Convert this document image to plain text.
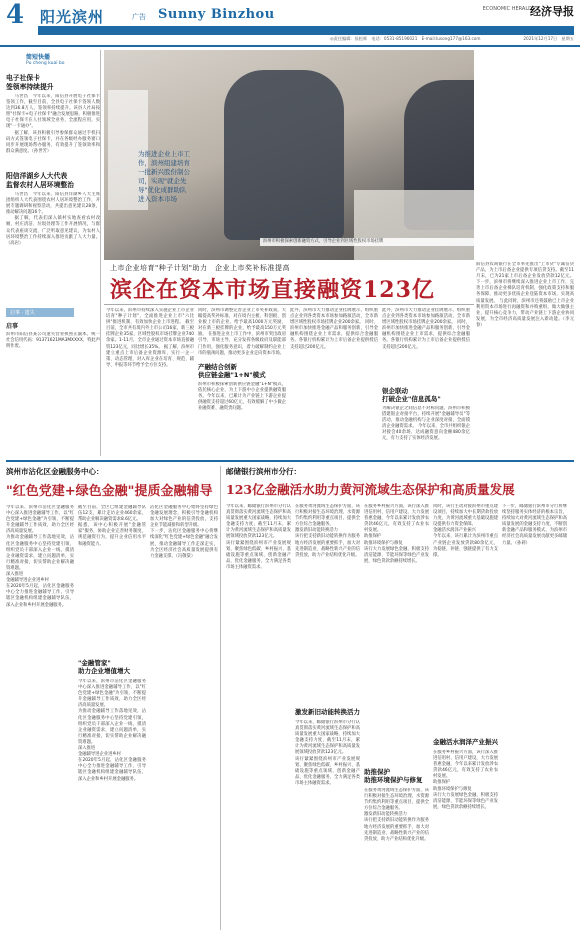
4 阳光滨州	广告 Sunny Binzhou	ECONOMIC HERALD
经济导报
(总)主编辑：孔凡 邮编：256600 电话：0543-3132277 13305438481 E-mail：jjdbbz@163.com	◎责任编辑：侯松辉　电话：0531-85196021　E-mail:lusong177@163.com	2021年12月17日　星期五
简短快播
Pu cheng kuai bo
电子社保卡
签领率持续提升

马世昌　今年以来，阳信县开展电子社保卡签领工作，截至目前，全县电子社保卡签领人数达到36.8万人，签领率持续提升。该县人社局按照"社保卡+电子社保卡"融合发展思路，积极推进电子社保卡在人社领域全业务、全流程应用，实现"一卡通办"。

据了解，该县积极引导参保群众通过手机扫码方式签领电子社保卡，并在各级经办服务窗口同步开展现场帮办服务，有效提升了签领效率和群众满意度。（孙世芳）

阳信洋湖乡人大代表
监督农村人居环境整治

马世昌　今年以来，阳信县洋湖乡人大主席团组织人大代表围绕农村人居环境整治工作，开展专题调研和视察活动，共提出意见建议28条，推动解决问题16个。

据了解，代表们深入镇村实地查看农村改厕、村庄清洁、垃圾处理等工作开展情况，与群众代表座谈交流，广泛听取意见建议，为农村人居环境整治工作持续深入推进贡献了人大力量。（高岩）

启事 · 遗失
启事
滨州市阳信县某公司遗失营业执照正副本，统一社会信用代码：91371621MA3MXXXX，特此声明作废。
为推进企业上市工作，滨州组建培育一批新兴股份制公司，实现"就企先导"优化成群助队进入资本市场
滨州市积极探索创新融资方式，引导企业到区域性股权市场挂牌
上市企业培育"种子计划"助力　企业上市奖补标准提高
滨企在资本市场直接融资123亿
今年以来，滨州市持续深入实施企业上市企业培育"种子计划"，全面推进企业上市"六比拼"推进机制，有效加快企业上市进程。 截至目前，全市共有境内外上市公司16家，新三板挂牌企业35家，区域性股权市场挂牌企业740余家。1-11月，全市企业通过资本市场直接融资123亿元，同比增长35%。 据了解，滨州市建立重点上市后备企业资源库，实行一企一策、动态管理，对入库企业在培育、规范、辅导、申报等环节给予全方位支持。
同时，滨州市调整完善企业上市奖补政策，大幅提高奖补标准，对在境内主板、科创板、创业板上市的企业，给予最高1000万元奖励，对在新三板挂牌的企业，给予最高150万元奖励。 在推进企业上市工作中，滨州市突出政府引导、市场主导，充分发挥各级政府及职能部门作用，强化服务意识，着力破解制约企业上市的瓶颈问题，推动更多企业走向资本市场。
产融结合创新
供应链金融"1+N"模式
滨州市积极探索创新供应链金融"1+N"模式，依托核心企业，为上下游中小企业提供融资服务。今年以来，已累计为产业链上下游企业提供融资支持超过60亿元，有效缓解了中小微企业融资难、融资贵问题。
此外，滨州市大力推动企业挂牌展示，组织重点企业到各类资本市场参加路演活动，全市新增区域性股权市场挂牌企业200余家。 同时，滨州市加快推进金融产品和服务创新，引导金融机构围绕企业上市需求，提供综合金融服务。各银行机构累计为上市后备企业提供授信支持超过200亿元。
此外，滨州市大力推动企业挂牌展示，组织重点企业到各类资本市场参加路演活动，全市新增区域性股权市场挂牌企业200余家。 同时，滨州市加快推进金融产品和服务创新，引导金融机构围绕企业上市需求，提供综合金融服务。各银行机构累计为上市后备企业提供授信支持超过200亿元。
银企联动
打破企业"信息孤岛"
为解决银企之间信息不对称问题，滨州市积极搭建银企对接平台，持续开展"金融辅导员"等活动，推动金融机构与企业深度对接，全面摸清企业融资需求。 今年以来，全市共组织银企对接会40余场，达成融资意向金额480余亿元，有力支持了实体经济发展。
阳信县农商银行在全市率先推出"上市贷"专属信贷产品，为上市后备企业提供专项信贷支持。截至11月末，已为21家上市后备企业发放贷款12亿元。 下一步，滨州市将继续深入推进企业上市工作，完善上市后备企业梯队培育机制，强化政策支持和服务保障，推动更多优质企业登陆资本市场，实现高质量发展。 与此同时，滨州市还将鼓励已上市企业利用资本市场进行再融资和并购重组，做大做强主业，提升核心竞争力，带动产业链上下游企业协同发展，为全市经济高质量发展注入新动能。（李元春）
滨州市沾化区金融服务中心：
"红色党建+绿色金融"提质金融辅导
今年以来，滨州市沾化区金融服务中心深入推进金融辅导工作，以"红色党建+绿色金融"为引领，不断提升金融辅导工作质效，助力全区经济高质量发展。
为推动金融辅导工作落地见效，沾化区金融服务中心坚持党建引领，组织党员干部深入企业一线，摸清企业融资需求，建立问题清单，实行精准对接，切实帮助企业解决融资难题。
深入推进
金融辅导进企业进乡村
在2020年5月起，沾化区金融服务中心全力推进金融辅导工作，引导辖区金融机构组建金融辅导队伍，深入企业和乡村开展金融服务。
截至目前，全区已组建金融辅导队伍12支，累计走访企业460余家，帮助企业解决融资需求8.6亿元。
据悉，该中心积极开展"金融管家"服务，协助企业完善财务制度，规范融资行为，提升企业信用水平和融资能力。
"金融管家"
助力企业增值增大
今年以来，滨州市沾化区金融服务中心深入推进金融辅导工作，以"红色党建+绿色金融"为引领，不断提升金融辅导工作质效，助力全区经济高质量发展。
为推动金融辅导工作落地见效，沾化区金融服务中心坚持党建引领，组织党员干部深入企业一线，摸清企业融资需求，建立问题清单，实行精准对接，切实帮助企业解决融资难题。
深入推进
金融辅导进企业进乡村
在2020年5月起，沾化区金融服务中心全力推进金融辅导工作，引导辖区金融机构组建金融辅导队伍，深入企业和乡村开展金融服务。
沾化区金融服务中心始终坚持绿色金融发展理念，积极引导金融机构加大对绿色产业的信贷投放，支持企业节能减排和转型升级。
下一步，沾化区金融服务中心将继续深化"红色党建+绿色金融"融合发展，推动金融辅导工作走深走实，为全区经济社会高质量发展提供有力金融支撑。（冯敬棠）
邮储银行滨州市分行：
123亿金融活水助力黄河流域生态保护和高质量发展
今年以来，邮储银行滨州市分行认真贯彻落实黄河流域生态保护和高质量发展重大国家战略，持续加大金融支持力度，截至11月末，累计为黄河流域生态保护和高质量发展领域投放贷款123亿元。
该行紧紧围绕滨州市产业发展规划，聚焦绿色低碳、乡村振兴、基础设施等重点领域，创新金融产品，优化金融服务，全力满足各类市场主体融资需求。
在服务黄河流域生态保护方面，该行积极对接生态环境治理、水资源节约集约利用等重点项目，提供全方位综合金融服务。
激发新旧动能转换活力
该行把支持新旧动能转换作为服务地方经济发展的重要抓手，加大对先进制造业、战略性新兴产业的信贷投放，助力产业结构优化升级。
激发新旧动能转换活力
今年以来，邮储银行滨州市分行认真贯彻落实黄河流域生态保护和高质量发展重大国家战略，持续加大金融支持力度，截至11月末，累计为黄河流域生态保护和高质量发展领域投放贷款123亿元。
该行紧紧围绕滨州市产业发展规划，聚焦绿色低碳、乡村振兴、基础设施等重点领域，创新金融产品，优化金融服务，全力满足各类市场主体融资需求。
在服务乡村振兴方面，该行深入推进信用村、信用户建设，大力发展普惠金融，今年以来累计发放涉农贷款46亿元，有效支持了农业农村发展。
助推保护
助推环境保护与修复
该行大力发展绿色金融，积极支持清洁能源、节能环保等绿色产业发展，绿色贷款余额持续增长。
助推保护
助推环境保护与修复
在服务黄河流域生态保护方面，该行积极对接生态环境治理、水资源节约集约利用等重点项目，提供全方位综合金融服务。
激发新旧动能转换活力
该行把支持新旧动能转换作为服务地方经济发展的重要抓手，加大对先进制造业、战略性新兴产业的信贷投放，助力产业结构优化升级。
同时，该行主动对接滨州市重点建设项目，持续加大中长期贷款投放力度，为黄河流域重大基础设施建设提供有力资金保障。
金融活水润泽产业振兴
今年以来，该行累计为滨州市重点产业链企业发放贷款80余亿元，为稳链、补链、强链提供了有力支撑。
金融活水润泽产业振兴
在服务乡村振兴方面，该行深入推进信用村、信用户建设，大力发展普惠金融，今年以来累计发放涉农贷款46亿元，有效支持了农业农村发展。
助推保护
助推环境保护与修复
该行大力发展绿色金融，积极支持清洁能源、节能环保等绿色产业发展，绿色贷款余额持续增长。
下一步，邮储银行滨州市分行将继续坚持服务实体经济的根本宗旨，持续加大对黄河流域生态保护和高质量发展的金融支持力度，不断创新金融产品和服务模式，为滨州市经济社会高质量发展贡献更多邮储力量。（孙莉）
